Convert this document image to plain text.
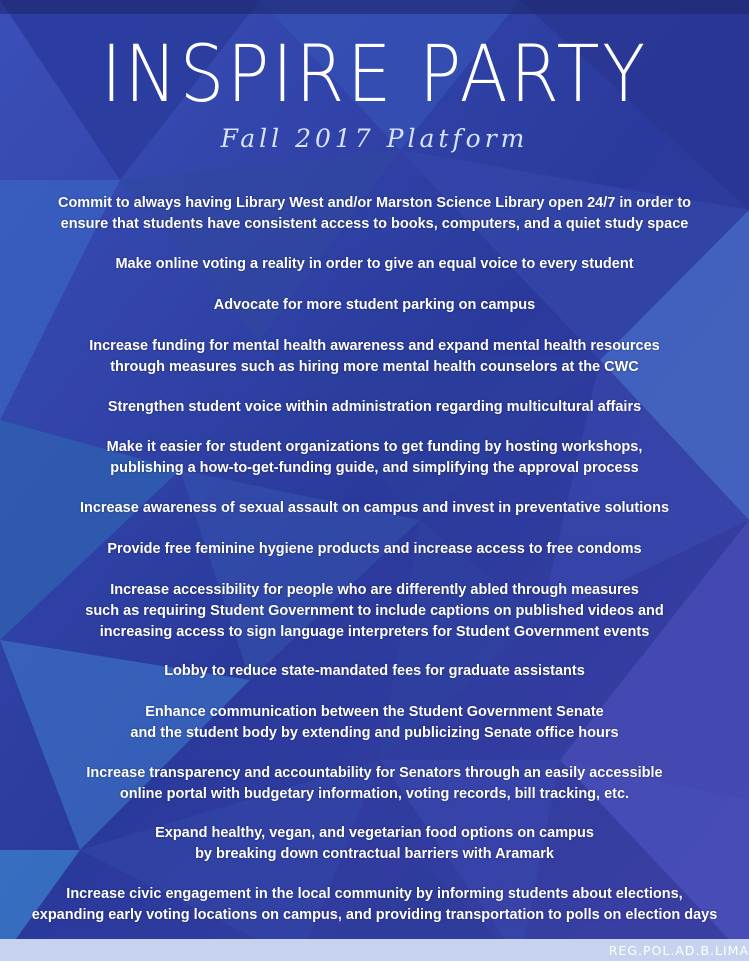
INSPIRE PARTY
Fall 2017 Platform
Commit to always having Library West and/or Marston Science Library open 24/7 in order to
ensure that students have consistent access to books, computers, and a quiet study space
Make online voting a reality in order to give an equal voice to every student
Advocate for more student parking on campus
Increase funding for mental health awareness and expand mental health resources
through measures such as hiring more mental health counselors at the CWC
Strengthen student voice within administration regarding multicultural affairs
Make it easier for student organizations to get funding by hosting workshops,
publishing a how-to-get-funding guide, and simplifying the approval process
Increase awareness of sexual assault on campus and invest in preventative solutions
Provide free feminine hygiene products and increase access to free condoms
Increase accessibility for people who are differently abled through measures
such as requiring Student Government to include captions on published videos and
increasing access to sign language interpreters for Student Government events
Lobby to reduce state-mandated fees for graduate assistants
Enhance communication between the Student Government Senate
and the student body by extending and publicizing Senate office hours
Increase transparency and accountability for Senators through an easily accessible
online portal with budgetary information, voting records, bill tracking, etc.
Expand healthy, vegan, and vegetarian food options on campus
by breaking down contractual barriers with Aramark
Increase civic engagement in the local community by informing students about elections,
expanding early voting locations on campus, and providing transportation to polls on election days
REG.POL.AD.B.LIMA
